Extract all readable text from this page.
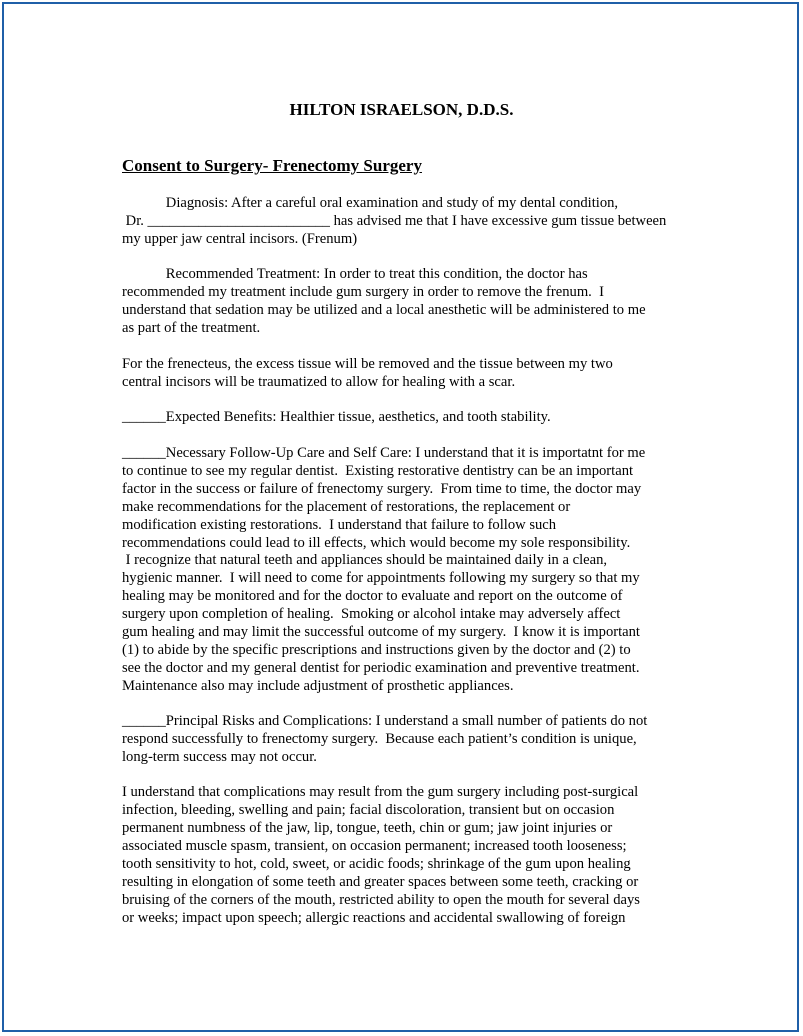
HILTON ISRAELSON, D.D.S.
Consent to Surgery- Frenectomy Surgery
Diagnosis: After a careful oral examination and study of my dental condition,
Dr. _________________________ has advised me that I have excessive gum tissue between
my upper jaw central incisors. (Frenum)
Recommended Treatment: In order to treat this condition, the doctor has
recommended my treatment include gum surgery in order to remove the frenum.  I
understand that sedation may be utilized and a local anesthetic will be administered to me
as part of the treatment.
For the frenecteus, the excess tissue will be removed and the tissue between my two
central incisors will be traumatized to allow for healing with a scar.
______Expected Benefits: Healthier tissue, aesthetics, and tooth stability.
______Necessary Follow-Up Care and Self Care: I understand that it is importatnt for me
to continue to see my regular dentist.  Existing restorative dentistry can be an important
factor in the success or failure of frenectomy surgery.  From time to time, the doctor may
make recommendations for the placement of restorations, the replacement or
modification existing restorations.  I understand that failure to follow such
recommendations could lead to ill effects, which would become my sole responsibility.
I recognize that natural teeth and appliances should be maintained daily in a clean,
hygienic manner.  I will need to come for appointments following my surgery so that my
healing may be monitored and for the doctor to evaluate and report on the outcome of
surgery upon completion of healing.  Smoking or alcohol intake may adversely affect
gum healing and may limit the successful outcome of my surgery.  I know it is important
(1) to abide by the specific prescriptions and instructions given by the doctor and (2) to
see the doctor and my general dentist for periodic examination and preventive treatment.
Maintenance also may include adjustment of prosthetic appliances.
______Principal Risks and Complications: I understand a small number of patients do not
respond successfully to frenectomy surgery.  Because each patient’s condition is unique,
long-term success may not occur.
I understand that complications may result from the gum surgery including post-surgical
infection, bleeding, swelling and pain; facial discoloration, transient but on occasion
permanent numbness of the jaw, lip, tongue, teeth, chin or gum; jaw joint injuries or
associated muscle spasm, transient, on occasion permanent; increased tooth looseness;
tooth sensitivity to hot, cold, sweet, or acidic foods; shrinkage of the gum upon healing
resulting in elongation of some teeth and greater spaces between some teeth, cracking or
bruising of the corners of the mouth, restricted ability to open the mouth for several days
or weeks; impact upon speech; allergic reactions and accidental swallowing of foreign
